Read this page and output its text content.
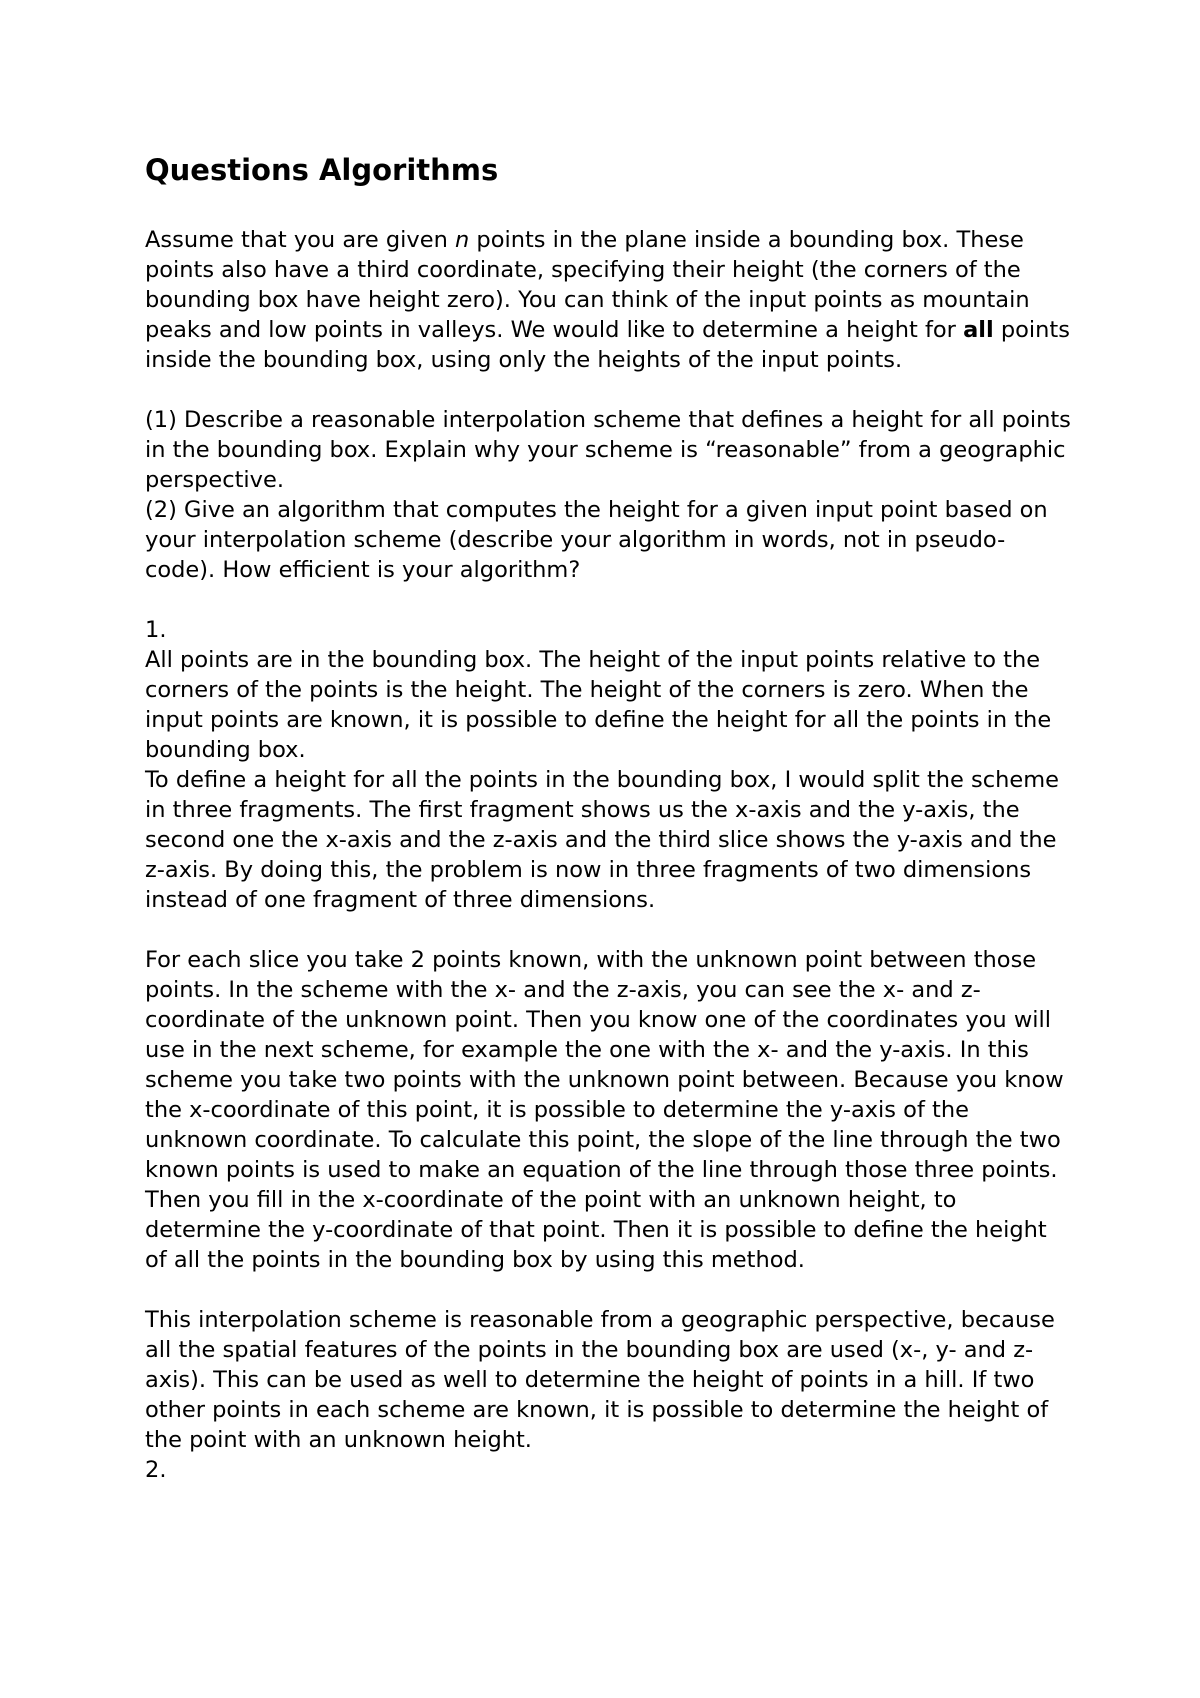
Questions Algorithms

Assume that you are given n points in the plane inside a bounding box. These points also have a third coordinate, specifying their height (the corners of the bounding box have height zero). You can think of the input points as mountain peaks and low points in valleys. We would like to determine a height for all points inside the bounding box, using only the heights of the input points.

(1) Describe a reasonable interpolation scheme that defines a height for all points in the bounding box. Explain why your scheme is “reasonable” from a geographic perspective.

(2) Give an algorithm that computes the height for a given input point based on your interpolation scheme (describe your algorithm in words, not in pseudo-code). How efficient is your algorithm?

1.

All points are in the bounding box. The height of the input points relative to the corners of the points is the height. The height of the corners is zero. When the input points are known, it is possible to define the height for all the points in the bounding box.

To define a height for all the points in the bounding box, I would split the scheme in three fragments. The first fragment shows us the x-axis and the y-axis, the second one the x-axis and the z-axis and the third slice shows the y-axis and the z-axis. By doing this, the problem is now in three fragments of two dimensions instead of one fragment of three dimensions.

For each slice you take 2 points known, with the unknown point between those points. In the scheme with the x- and the z-axis, you can see the x- and z-coordinate of the unknown point. Then you know one of the coordinates you will use in the next scheme, for example the one with the x- and the y-axis. In this scheme you take two points with the unknown point between. Because you know the x-coordinate of this point, it is possible to determine the y-axis of the unknown coordinate. To calculate this point, the slope of the line through the two known points is used to make an equation of the line through those three points. Then you fill in the x-coordinate of the point with an unknown height, to determine the y-coordinate of that point. Then it is possible to define the height of all the points in the bounding box by using this method.

This interpolation scheme is reasonable from a geographic perspective, because all the spatial features of the points in the bounding box are used (x-, y- and z-axis). This can be used as well to determine the height of points in a hill. If two other points in each scheme are known, it is possible to determine the height of the point with an unknown height.

2.
